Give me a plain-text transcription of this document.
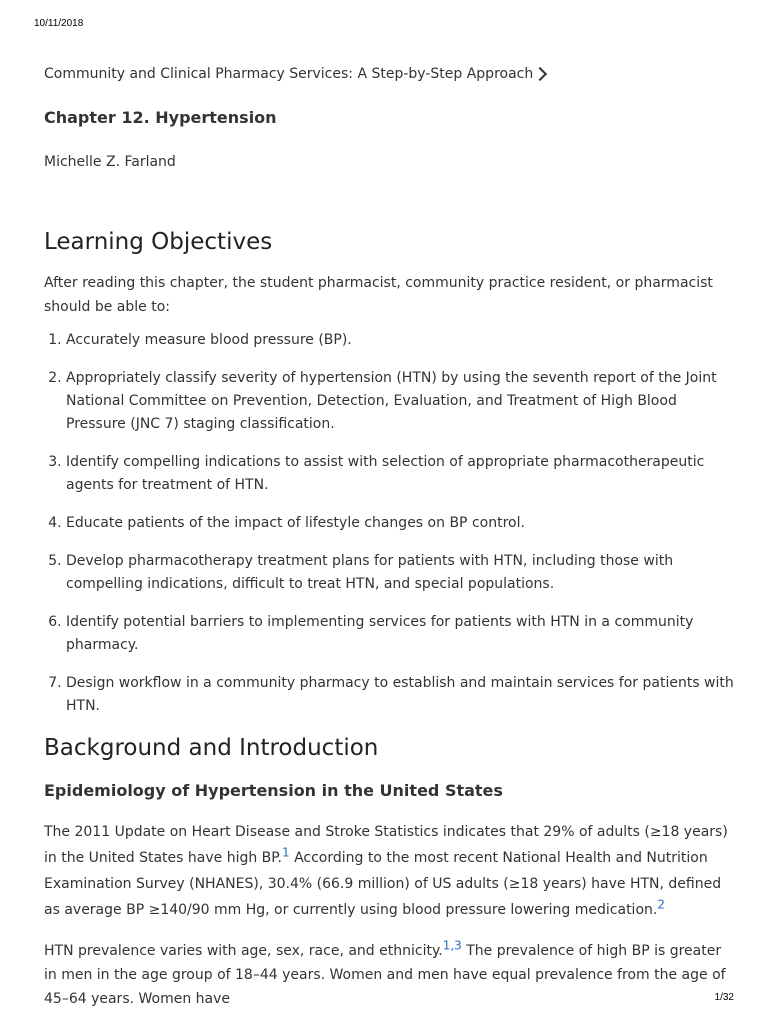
10/11/2018
Community and Clinical Pharmacy Services: A Step-by-Step Approach
Chapter 12. Hypertension
Michelle Z. Farland
Learning Objectives

After reading this chapter, the student pharmacist, community practice resident, or pharmacist should be able to:

1. Accurately measure blood pressure (BP).
2. Appropriately classify severity of hypertension (HTN) by using the seventh report of the Joint National Committee on Prevention, Detection, Evaluation, and Treatment of High Blood Pressure (JNC 7) staging classification.
3. Identify compelling indications to assist with selection of appropriate pharmacotherapeutic agents for treatment of HTN.
4. Educate patients of the impact of lifestyle changes on BP control.
5. Develop pharmacotherapy treatment plans for patients with HTN, including those with compelling indications, difficult to treat HTN, and special populations.
6. Identify potential barriers to implementing services for patients with HTN in a community pharmacy.
7. Design workflow in a community pharmacy to establish and maintain services for patients with HTN.
Background and Introduction
Epidemiology of Hypertension in the United States

The 2011 Update on Heart Disease and Stroke Statistics indicates that 29% of adults (≥18 years) in the United States have high BP.$^1$ According to the most recent National Health and Nutrition Examination Survey (NHANES), 30.4% (66.9 million) of US adults (≥18 years) have HTN, defined as average BP ≥140/90 mm Hg, or currently using blood pressure lowering medication.$^2$

HTN prevalence varies with age, sex, race, and ethnicity.$^{1,3}$ The prevalence of high BP is greater in men in the age group of 18–44 years. Women and men have equal prevalence from the age of 45–64 years. Women have	1/32
